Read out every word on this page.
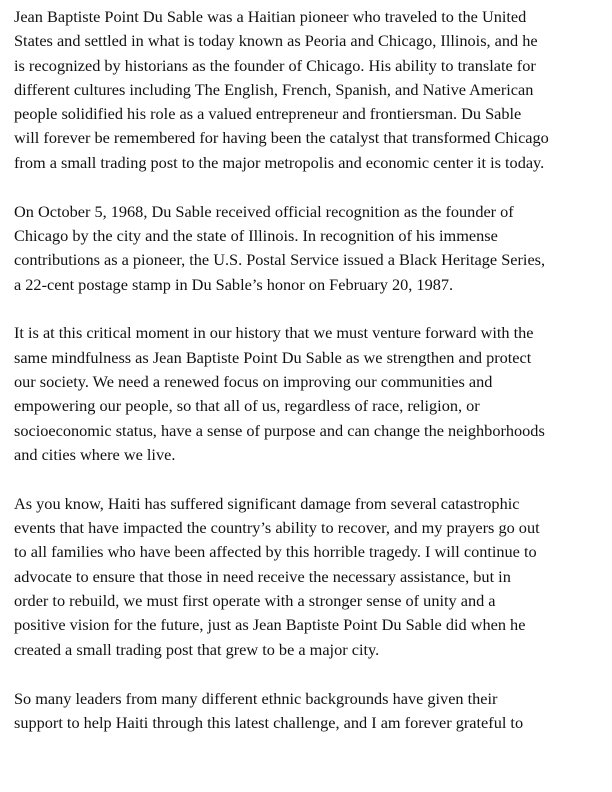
Jean Baptiste Point Du Sable was a Haitian pioneer who traveled to the United
States and settled in what is today known as Peoria and Chicago, Illinois, and he
is recognized by historians as the founder of Chicago. His ability to translate for
different cultures including The English, French, Spanish, and Native American
people solidified his role as a valued entrepreneur and frontiersman. Du Sable
will forever be remembered for having been the catalyst that transformed Chicago
from a small trading post to the major metropolis and economic center it is today.

On October 5, 1968, Du Sable received official recognition as the founder of
Chicago by the city and the state of Illinois. In recognition of his immense
contributions as a pioneer, the U.S. Postal Service issued a Black Heritage Series,
a 22-cent postage stamp in Du Sable’s honor on February 20, 1987.

It is at this critical moment in our history that we must venture forward with the
same mindfulness as Jean Baptiste Point Du Sable as we strengthen and protect
our society. We need a renewed focus on improving our communities and
empowering our people, so that all of us, regardless of race, religion, or
socioeconomic status, have a sense of purpose and can change the neighborhoods
and cities where we live.

As you know, Haiti has suffered significant damage from several catastrophic
events that have impacted the country’s ability to recover, and my prayers go out
to all families who have been affected by this horrible tragedy. I will continue to
advocate to ensure that those in need receive the necessary assistance, but in
order to rebuild, we must first operate with a stronger sense of unity and a
positive vision for the future, just as Jean Baptiste Point Du Sable did when he
created a small trading post that grew to be a major city.

So many leaders from many different ethnic backgrounds have given their
support to help Haiti through this latest challenge, and I am forever grateful to
